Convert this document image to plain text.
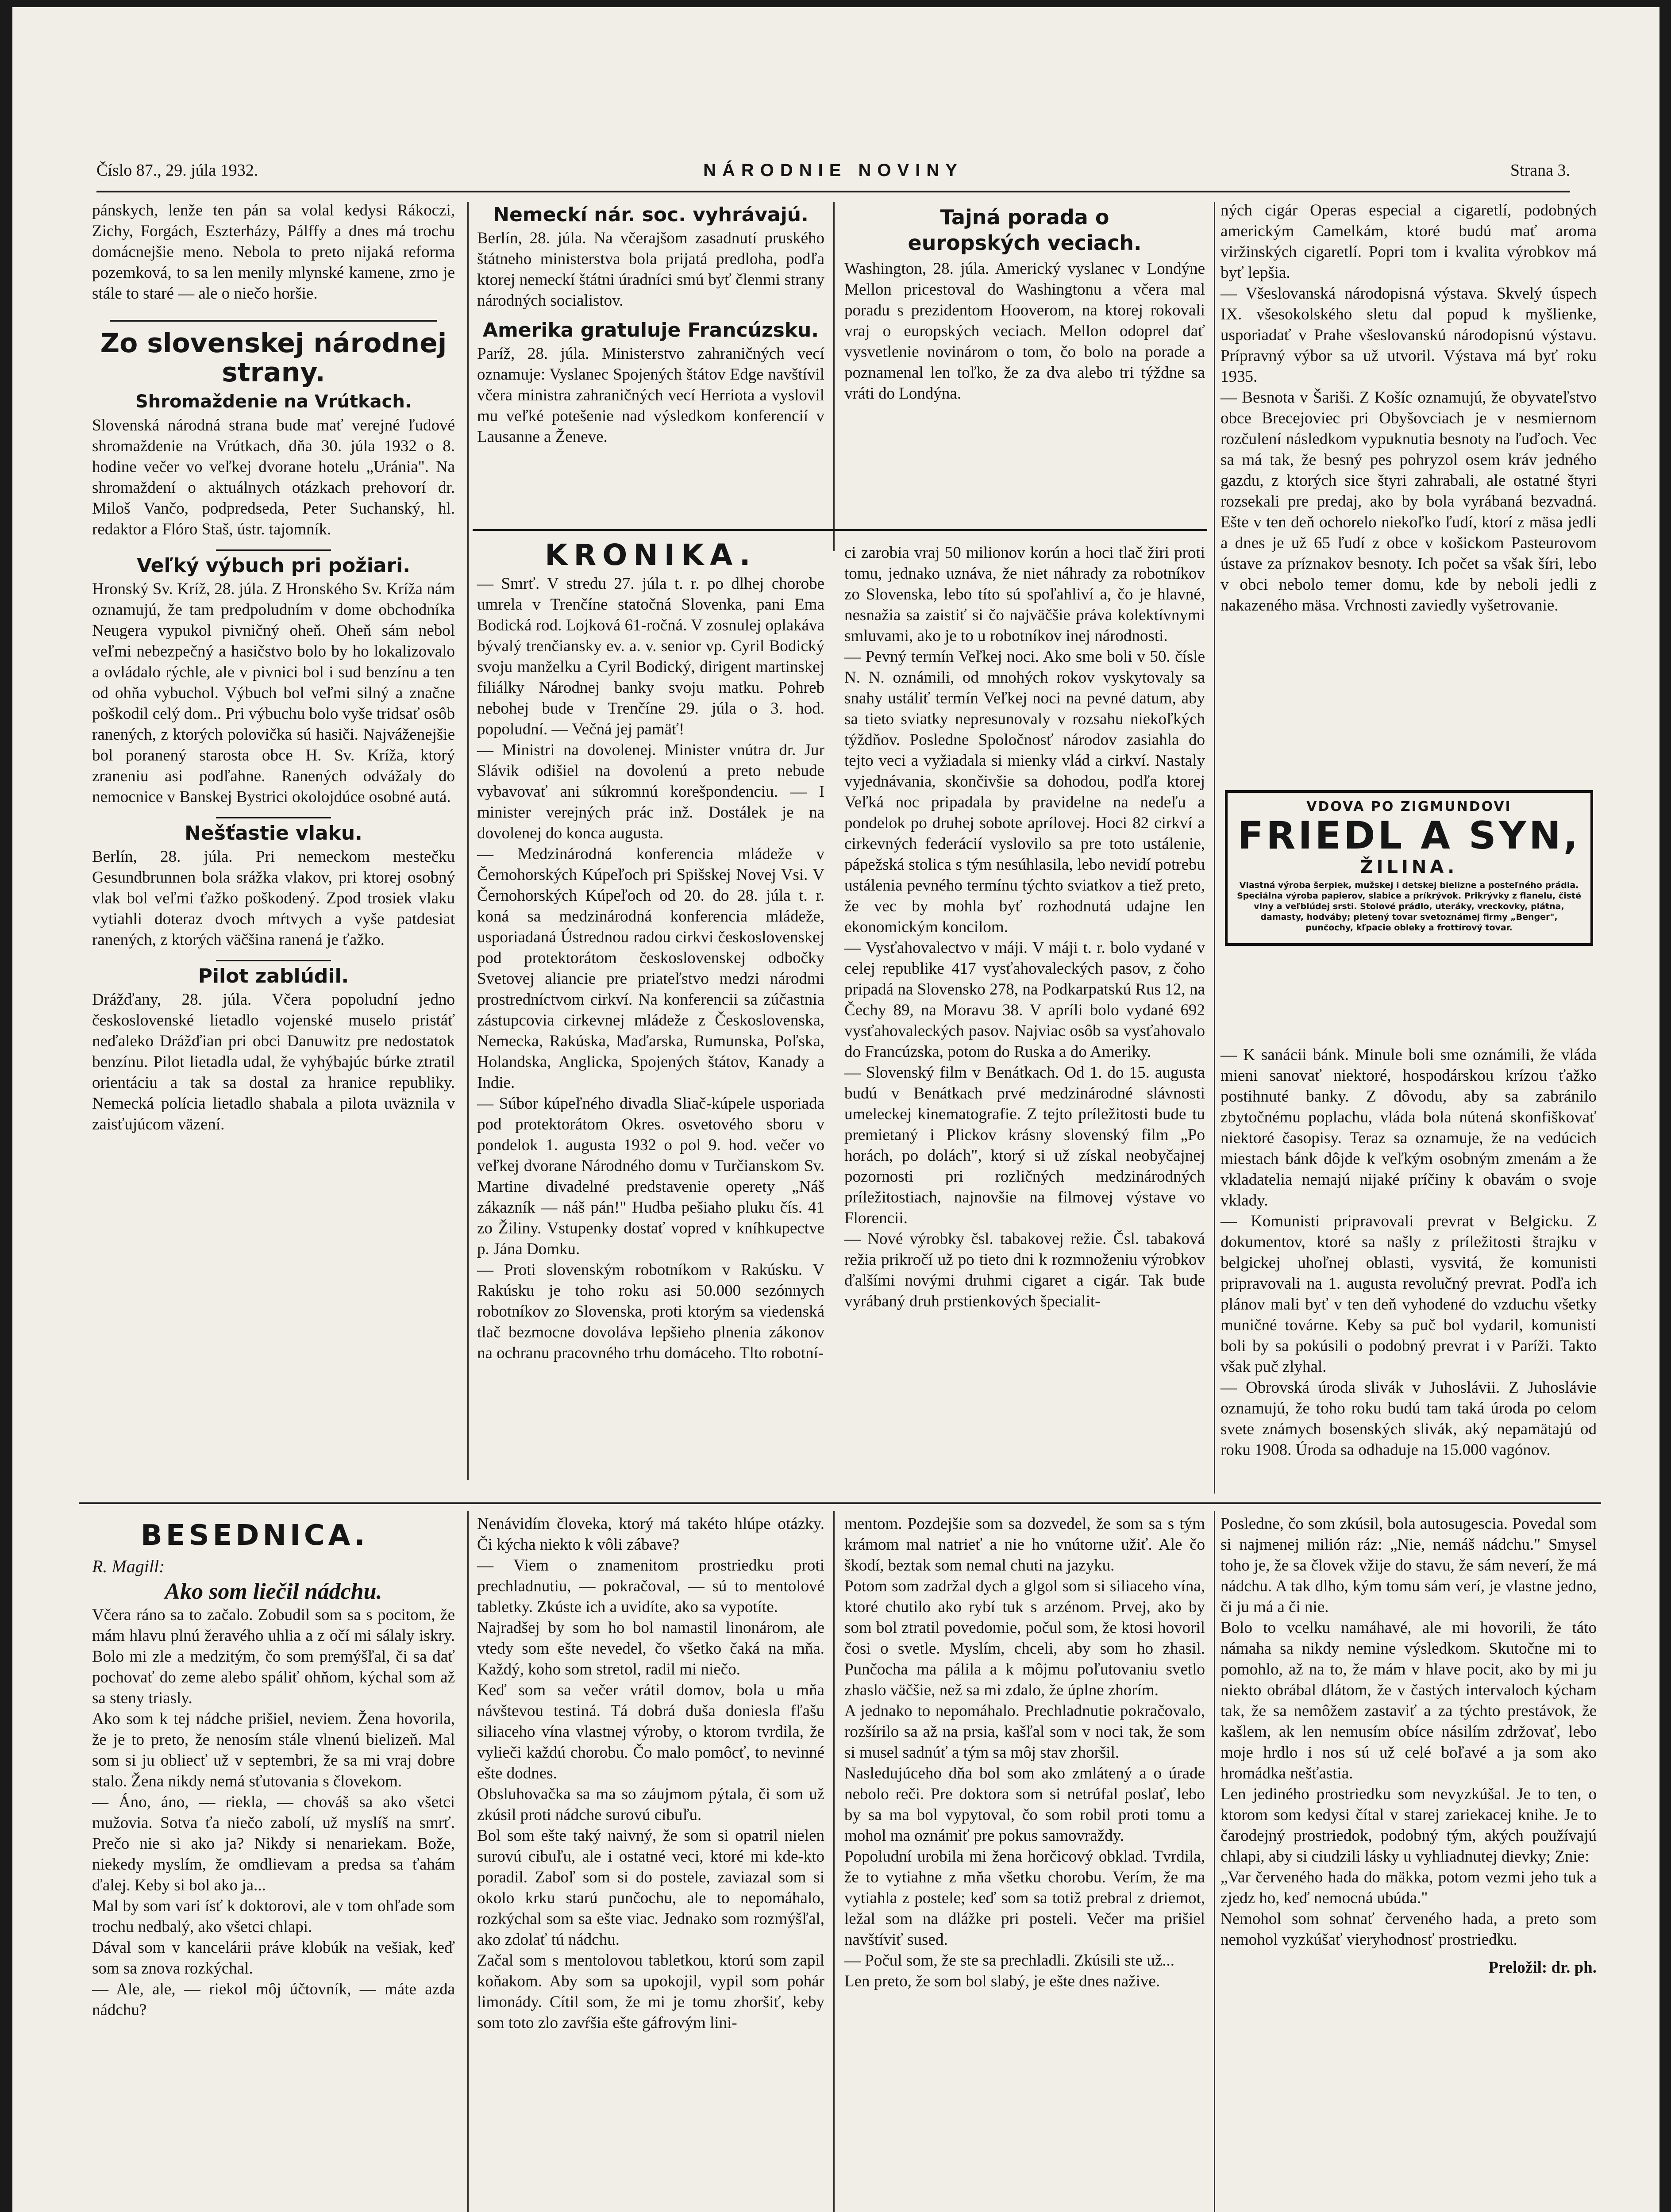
Číslo 87., 29. júla 1932.	NÁRODNIE NOVINY	Strana 3.

pánskych, lenže ten pán sa volal kedysi Rákoczi, Zichy, Forgách, Eszterházy, Pálffy a dnes má trochu domácnejšie meno. Nebola to preto nijaká reforma pozemková, to sa len menily mlynské kamene, zrno je stále to staré — ale o niečo horšie.

Zo slovenskej národnej strany.
Shromaždenie na Vrútkach.

Slovenská národná strana bude mať verejné ľudové shromaždenie na Vrútkach, dňa 30. júla 1932 o 8. hodine večer vo veľkej dvorane hotelu „Uránia". Na shromaždení o aktuálnych otázkach prehovorí dr. Miloš Vančo, podpredseda, Peter Suchanský, hl. redaktor a Flóro Staš, ústr. tajomník.

Veľký výbuch pri požiari.

Hronský Sv. Kríž, 28. júla. Z Hronského Sv. Kríža nám oznamujú, že tam predpoludním v dome obchodníka Neugera vypukol pivničný oheň. Oheň sám nebol veľmi nebezpečný a hasičstvo bolo by ho lokalizovalo a ovládalo rýchle, ale v pivnici bol i sud benzínu a ten od ohňa vybuchol. Výbuch bol veľmi silný a značne poškodil celý dom.. Pri výbuchu bolo vyše tridsať osôb ranených, z ktorých polovička sú hasiči. Najváženejšie bol poranený starosta obce H. Sv. Kríža, ktorý zraneniu asi podľahne. Ranených odvážaly do nemocnice v Banskej Bystrici okolojdúce osobné autá.

Nešťastie vlaku.

Berlín, 28. júla. Pri nemeckom mestečku Gesundbrunnen bola srážka vlakov, pri ktorej osobný vlak bol veľmi ťažko poškodený. Zpod trosiek vlaku vytiahli doteraz dvoch mŕtvych a vyše patdesiat ranených, z ktorých väčšina ranená je ťažko.

Pilot zablúdil.

Drážďany, 28. júla. Včera popoludní jedno československé lietadlo vojenské muselo pristáť neďaleko Drážďian pri obci Danuwitz pre nedostatok benzínu. Pilot lietadla udal, že vyhýbajúc búrke ztratil orientáciu a tak sa dostal za hranice republiky. Nemecká polícia lietadlo shabala a pilota uväznila v zaisťujúcom väzení.

Nemeckí nár. soc. vyhrávajú.

Berlín, 28. júla. Na včerajšom zasadnutí pruského štátneho ministerstva bola prijatá predloha, podľa ktorej nemeckí štátni úradníci smú byť členmi strany národných socialistov.

Amerika gratuluje Francúzsku.

Paríž, 28. júla. Ministerstvo zahraničných vecí oznamuje: Vyslanec Spojených štátov Edge navštívil včera ministra zahraničných vecí Herriota a vyslovil mu veľké potešenie nad výsledkom konferencií v Lausanne a Ženeve.

Tajná porada o europských veciach.

Washington, 28. júla. Americký vyslanec v Londýne Mellon pricestoval do Washingtonu a včera mal poradu s prezidentom Hooverom, na ktorej rokovali vraj o europských veciach. Mellon odoprel dať vysvetlenie novinárom o tom, čo bolo na porade a poznamenal len toľko, že za dva alebo tri týždne sa vráti do Londýna.

ných cigár Operas especial a cigaretlí, podobných americkým Camelkám, ktoré budú mať aroma viržinských cigaretlí. Popri tom i kvalita výrobkov má byť lepšia.
— Všeslovanská národopisná výstava. Skvelý úspech IX. všesokolského sletu dal popud k myšlienke, usporiadať v Prahe všeslovanskú národopisnú výstavu. Prípravný výbor sa už utvoril. Výstava má byť roku 1935.
— Besnota v Šariši. Z Košíc oznamujú, že obyvateľstvo obce Brecejoviec pri Obyšovciach je v nesmiernom rozčulení následkom vypuknutia besnoty na ľuďoch. Vec sa má tak, že besný pes pohryzol osem kráv jedného gazdu, z ktorých sice štyri zahrabali, ale ostatné štyri rozsekali pre predaj, ako by bola vyrábaná bezvadná. Ešte v ten deň ochorelo niekoľko ľudí, ktorí z mäsa jedli a dnes je už 65 ľudí z obce v košickom Pasteurovom ústave za príznakov besnoty. Ich počet sa však šíri, lebo v obci nebolo temer domu, kde by neboli jedli z nakazeného mäsa. Vrchnosti zaviedly vyšetrovanie.

VDOVA PO ZIGMUNDOVI
FRIEDL A SYN,
ŽILINA.
Vlastná výroba šerpiek, mužskej i detskej bielizne a posteľného prádla. Speciálna výroba papierov, slabice a príkrývok. Prikrývky z flanelu, čisté vlny a veľblúdej srsti. Stolové prádlo, uteráky, vreckovky, plátna, damasty, hodváby; pletený tovar svetoznámej firmy „Benger", punčochy, kľpacie obleky a frottírový tovar.
KRONIKA.

— Smrť. V stredu 27. júla t. r. po dlhej chorobe umrela v Trenčíne statočná Slovenka, pani Ema Bodická rod. Lojková 61-ročná. V zosnulej oplakáva bývalý trenčiansky ev. a. v. senior vp. Cyril Bodický svoju manželku a Cyril Bodický, dirigent martinskej filiálky Národnej banky svoju matku. Pohreb nebohej bude v Trenčíne 29. júla o 3. hod. popoludní. — Večná jej pamäť!
— Ministri na dovolenej. Minister vnútra dr. Jur Slávik odišiel na dovolenú a preto nebude vybavovať ani súkromnú korešpondenciu. — I minister verejných prác inž. Dostálek je na dovolenej do konca augusta.
— Medzinárodná konferencia mládeže v Černohorských Kúpeľoch pri Spišskej Novej Vsi. V Černohorských Kúpeľoch od 20. do 28. júla t. r. koná sa medzinárodná konferencia mládeže, usporiadaná Ústrednou radou cirkvi československej pod protektorátom československej odbočky Svetovej aliancie pre priateľstvo medzi národmi prostredníctvom cirkví. Na konferencii sa zúčastnia zástupcovia cirkevnej mládeže z Československa, Nemecka, Rakúska, Maďarska, Rumunska, Poľska, Holandska, Anglicka, Spojených štátov, Kanady a Indie.
— Súbor kúpeľného divadla Sliač-kúpele usporiada pod protektorátom Okres. osvetového sboru v pondelok 1. augusta 1932 o pol 9. hod. večer vo veľkej dvorane Národného domu v Turčianskom Sv. Martine divadelné predstavenie operety „Náš zákazník — náš pán!" Hudba pešiaho pluku čís. 41 zo Žiliny. Vstupenky dostať vopred v kníhkupectve p. Jána Domku.
— Proti slovenským robotníkom v Rakúsku. V Rakúsku je toho roku asi 50.000 sezónnych robotníkov zo Slovenska, proti ktorým sa viedenská tlač bezmocne dovoláva lepšieho plnenia zákonov na ochranu pracovného trhu domáceho. Tlto robotní-

ci zarobia vraj 50 milionov korún a hoci tlač žiri proti tomu, jednako uznáva, že niet náhrady za robotníkov zo Slovenska, lebo títo sú spoľahliví a, čo je hlavné, nesnažia sa zaistiť si čo najväčšie práva kolektívnymi smluvami, ako je to u robotníkov inej národnosti.
— Pevný termín Veľkej noci. Ako sme boli v 50. čísle N. N. oznámili, od mnohých rokov vyskytovaly sa snahy ustáliť termín Veľkej noci na pevné datum, aby sa tieto sviatky nepresunovaly v rozsahu niekoľkých týždňov. Posledne Spoločnosť národov zasiahla do tejto veci a vyžiadala si mienky vlád a cirkví. Nastaly vyjednávania, skončivšie sa dohodou, podľa ktorej Veľká noc pripadala by pravidelne na nedeľu a pondelok po druhej sobote aprílovej. Hoci 82 cirkví a cirkevných federácií vyslovilo sa pre toto ustálenie, pápežská stolica s tým nesúhlasila, lebo nevidí potrebu ustálenia pevného termínu týchto sviatkov a tiež preto, že vec by mohla byť rozhodnutá udajne len ekonomickým koncilom.
— Vysťahovalectvo v máji. V máji t. r. bolo vydané v celej republike 417 vysťahovaleckých pasov, z čoho pripadá na Slovensko 278, na Podkarpatskú Rus 12, na Čechy 89, na Moravu 38. V apríli bolo vydané 692 vysťahovaleckých pasov. Najviac osôb sa vysťahovalo do Francúzska, potom do Ruska a do Ameriky.
— Slovenský film v Benátkach. Od 1. do 15. augusta budú v Benátkach prvé medzinárodné slávnosti umeleckej kinematografie. Z tejto príležitosti bude tu premietaný i Plickov krásny slovenský film „Po horách, po dolách", ktorý si už získal neobyčajnej pozornosti pri rozličných medzinárodných príležitostiach, najnovšie na filmovej výstave vo Florencii.
— Nové výrobky čsl. tabakovej režie. Čsl. tabaková režia prikročí už po tieto dni k rozmnoženiu výrobkov ďalšími novými druhmi cigaret a cigár. Tak bude vyrábaný druh prstienkových špecialit-

— K sanácii bánk. Minule boli sme oznámili, že vláda mieni sanovať niektoré, hospodárskou krízou ťažko postihnuté banky. Z dôvodu, aby sa zabránilo zbytočnému poplachu, vláda bola nútená skonfiškovať niektoré časopisy. Teraz sa oznamuje, že na vedúcich miestach bánk dôjde k veľkým osobným zmenám a že vkladatelia nemajú nijaké príčiny k obavám o svoje vklady.
— Komunisti pripravovali prevrat v Belgicku. Z dokumentov, ktoré sa našly z príležitosti štrajku v belgickej uhoľnej oblasti, vysvitá, že komunisti pripravovali na 1. augusta revolučný prevrat. Podľa ich plánov mali byť v ten deň vyhodené do vzduchu všetky muničné továrne. Keby sa puč bol vydaril, komunisti boli by sa pokúsili o podobný prevrat i v Paríži. Takto však puč zlyhal.
— Obrovská úroda slivák v Juhoslávii. Z Juhoslávie oznamujú, že toho roku budú tam taká úroda po celom svete známych bosenských slivák, aký nepamätajú od roku 1908. Úroda sa odhaduje na 15.000 vagónov.

BESEDNICA.
R. Magill:
Ako som liečil nádchu.

Včera ráno sa to začalo. Zobudil som sa s pocitom, že mám hlavu plnú žeravého uhlia a z očí mi sálaly iskry. Bolo mi zle a medzitým, čo som premýšľal, či sa dať pochovať do zeme alebo spáliť ohňom, kýchal som až sa steny triasly.
Ako som k tej nádche prišiel, neviem. Žena hovorila, že je to preto, že nenosím stále vlnenú bielizeň. Mal som si ju obliecť už v septembri, že sa mi vraj dobre stalo. Žena nikdy nemá sťutovania s človekom.
— Áno, áno, — riekla, — chováš sa ako všetci mužovia. Sotva ťa niečo zabolí, už myslíš na smrť. Prečo nie si ako ja? Nikdy si nenariekam. Bože, niekedy myslím, že omdlievam a predsa sa ťahám ďalej. Keby si bol ako ja...
Mal by som vari ísť k doktorovi, ale v tom ohľade som trochu nedbalý, ako všetci chlapi.
Dával som v kancelárii práve klobúk na vešiak, keď som sa znova rozkýchal.
— Ale, ale, — riekol môj účtovník, — máte azda nádchu?

Nenávidím človeka, ktorý má takéto hlúpe otázky. Či kýcha niekto k vôli zábave?
— Viem o znamenitom prostriedku proti prechladnutiu, — pokračoval, — sú to mentolové tabletky. Zkúste ich a uvidíte, ako sa vypotíte.
Najradšej by som ho bol namastil linonárom, ale vtedy som ešte nevedel, čo všetko čaká na mňa. Každý, koho som stretol, radil mi niečo.
Keď som sa večer vrátil domov, bola u mňa návštevou testiná. Tá dobrá duša doniesla fľašu siliaceho vína vlastnej výroby, o ktorom tvrdila, že vylieči každú chorobu. Čo malo pomôcť, to nevinné ešte dodnes.
Obsluhovačka sa ma so záujmom pýtala, či som už zkúsil proti nádche surovú cibuľu.
Bol som ešte taký naivný, že som si opatril nielen surovú cibuľu, ale i ostatné veci, ktoré mi kde-kto poradil. Zaboľ som si do postele, zaviazal som si okolo krku starú punčochu, ale to nepomáhalo, rozkýchal som sa ešte viac. Jednako som rozmýšľal, ako zdolať tú nádchu.
Začal som s mentolovou tabletkou, ktorú som zapil koňakom. Aby som sa upokojil, vypil som pohár limonády. Cítil som, že mi je tomu zhoršiť, keby som toto zlo zavŕšia ešte gáfrovým lini-

mentom. Pozdejšie som sa dozvedel, že som sa s tým krámom mal natrieť a nie ho vnútorne užiť. Ale čo škodí, beztak som nemal chuti na jazyku.
Potom som zadržal dych a glgol som si siliaceho vína, ktoré chutilo ako rybí tuk s arzénom. Prvej, ako by som bol ztratil povedomie, počul som, že ktosi hovoril čosi o svetle. Myslím, chceli, aby som ho zhasil. Punčocha ma pálila a k môjmu poľutovaniu svetlo zhaslo väčšie, než sa mi zdalo, že úplne zhorím.
A jednako to nepomáhalo. Prechladnutie pokračovalo, rozšírilo sa až na prsia, kašľal som v noci tak, že som si musel sadnúť a tým sa môj stav zhoršil.
Nasledujúceho dňa bol som ako zmlátený a o úrade nebolo reči. Pre doktora som si netrúfal poslať, lebo by sa ma bol vypytoval, čo som robil proti tomu a mohol ma oznámiť pre pokus samovraždy.
Popoludní urobila mi žena horčicový obklad. Tvrdila, že to vytiahne z mňa všetku chorobu. Verím, že ma vytiahla z postele; keď som sa totiž prebral z driemot, ležal som na dlážke pri posteli. Večer ma prišiel navštíviť sused.
— Počul som, že ste sa prechladli. Zkúsili ste už...
Len preto, že som bol slabý, je ešte dnes nažive.

Posledne, čo som zkúsil, bola autosugescia. Povedal som si najmenej milión ráz: „Nie, nemáš nádchu." Smysel toho je, že sa človek vžije do stavu, že sám neverí, že má nádchu. A tak dlho, kým tomu sám verí, je vlastne jedno, či ju má a či nie.
Bolo to vcelku namáhavé, ale mi hovorili, že táto námaha sa nikdy nemine výsledkom. Skutočne mi to pomohlo, až na to, že mám v hlave pocit, ako by mi ju niekto obrábal dlátom, že v častých intervaloch kýcham tak, že sa nemôžem zastaviť a za týchto prestávok, že kašlem, ak len nemusím obíce násilím zdržovať, lebo moje hrdlo i nos sú už celé boľavé a ja som ako hromádka nešťastia.
Len jediného prostriedku som nevyzkúšal. Je to ten, o ktorom som kedysi čítal v starej zariekacej knihe. Je to čarodejný prostriedok, podobný tým, akých používajú chlapi, aby si ciudzili lásky u vyhliadnutej dievky; Znie:
„Var červeného hada do mäkka, potom vezmi jeho tuk a zjedz ho, keď nemocná ubúda."
Nemohol som sohnať červeného hada, a preto som nemohol vyzkúšať vieryhodnosť prostriedku.

Preložil: dr. ph.
